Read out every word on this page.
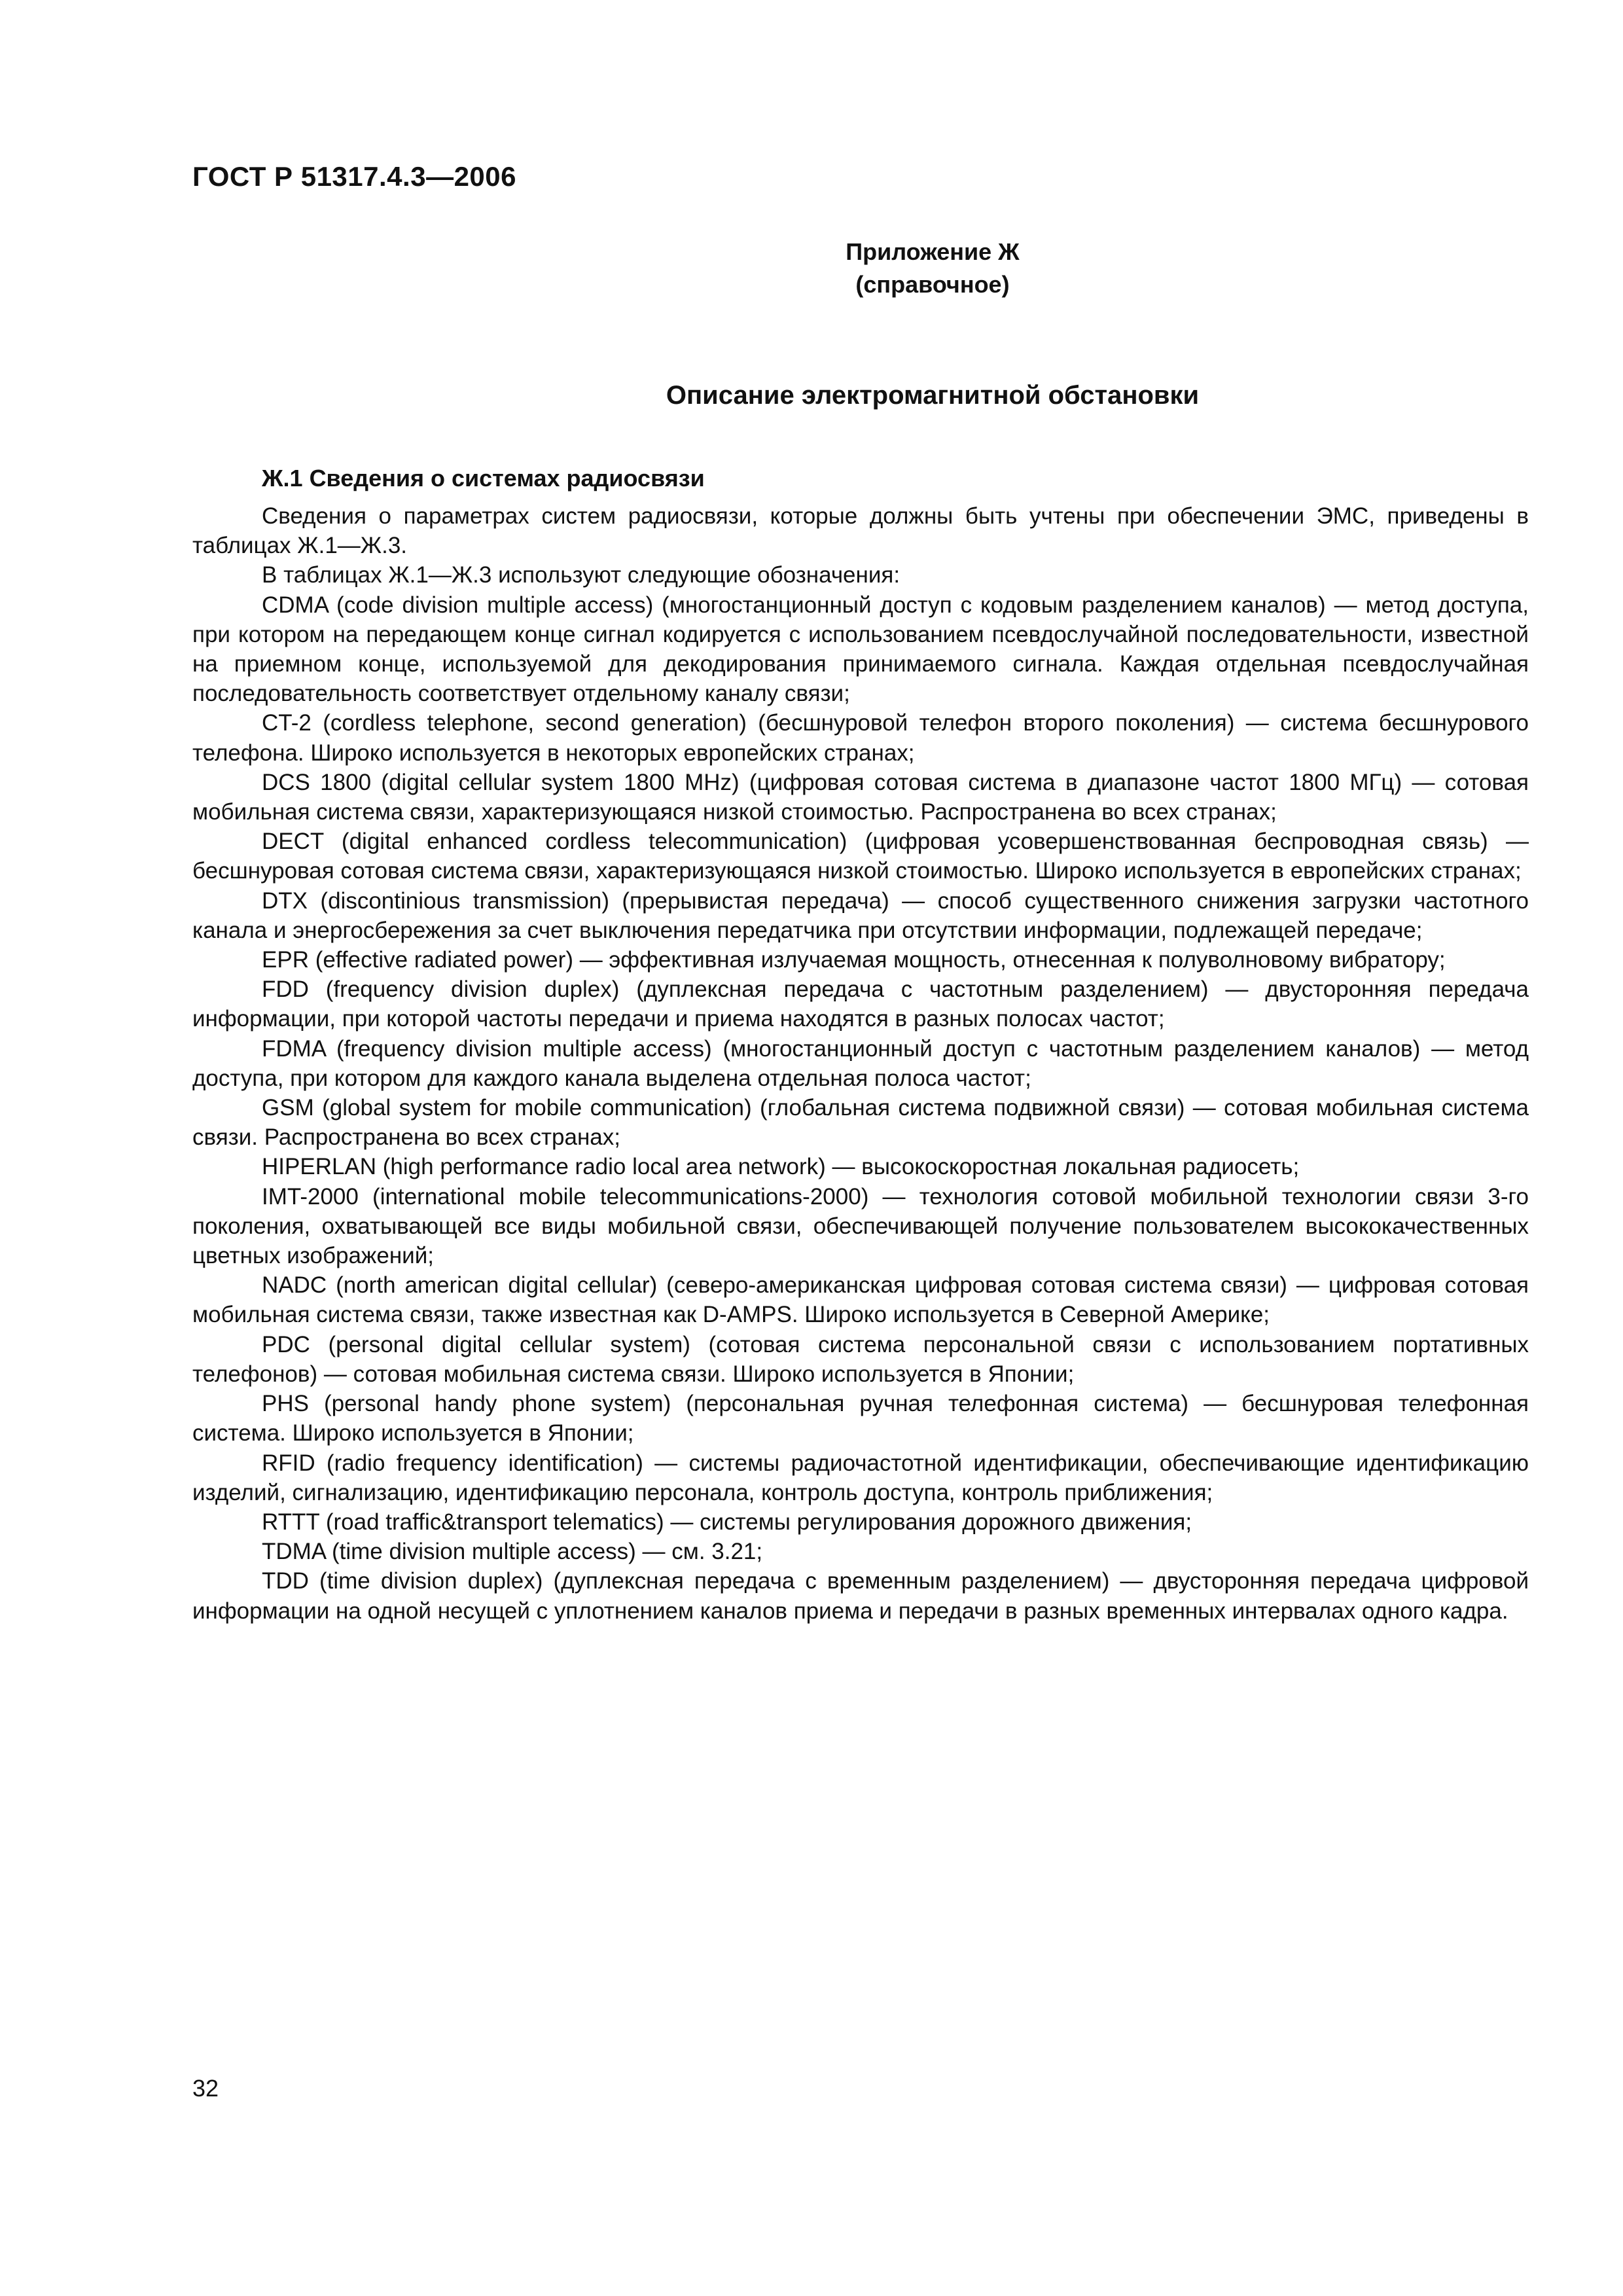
ГОСТ Р 51317.4.3—2006

Приложение Ж
(справочное)
Описание электромагнитной обстановки
Ж.1 Сведения о системах радиосвязи

Сведения о параметрах систем радиосвязи, которые должны быть учтены при обеспечении ЭМС, приведены в таблицах Ж.1—Ж.3.

В таблицах Ж.1—Ж.3 используют следующие обозначения:

CDMA (code division multiple access) (многостанционный доступ с кодовым разделением каналов) — метод доступа, при котором на передающем конце сигнал кодируется с использованием псевдослучайной последовательности, известной на приемном конце, используемой для декодирования принимаемого сигнала. Каждая отдельная псевдослучайная последовательность соответствует отдельному каналу связи;

CT-2 (cordless telephone, second generation) (бесшнуровой телефон второго поколения) — система бесшнурового телефона. Широко используется в некоторых европейских странах;

DCS 1800 (digital cellular system 1800 MHz) (цифровая сотовая система в диапазоне частот 1800 МГц) — сотовая мобильная система связи, характеризующаяся низкой стоимостью. Распространена во всех странах;

DECT (digital enhanced cordless telecommunication) (цифровая усовершенствованная беспроводная связь) — бесшнуровая сотовая система связи, характеризующаяся низкой стоимостью. Широко используется в европейских странах;

DTX (discontinious transmission) (прерывистая передача) — способ существенного снижения загрузки частотного канала и энергосбережения за счет выключения передатчика при отсутствии информации, подлежащей передаче;

EPR (effective radiated power) — эффективная излучаемая мощность, отнесенная к полуволновому вибратору;

FDD (frequency division duplex) (дуплексная передача с частотным разделением) — двусторонняя передача информации, при которой частоты передачи и приема находятся в разных полосах частот;

FDMA (frequency division multiple access) (многостанционный доступ с частотным разделением каналов) — метод доступа, при котором для каждого канала выделена отдельная полоса частот;

GSM (global system for mobile communication) (глобальная система подвижной связи) — сотовая мобильная система связи. Распространена во всех странах;

HIPERLAN (high performance radio local area network) — высокоскоростная локальная радиосеть;

IMT-2000 (international mobile telecommunications-2000) — технология сотовой мобильной технологии связи 3-го поколения, охватывающей все виды мобильной связи, обеспечивающей получение пользователем высококачественных цветных изображений;

NADC (north american digital cellular) (северо-американская цифровая сотовая система связи) — цифровая сотовая мобильная система связи, также известная как D-AMPS. Широко используется в Северной Америке;

PDC (personal digital cellular system) (сотовая система персональной связи с использованием портативных телефонов) — сотовая мобильная система связи. Широко используется в Японии;

PHS (personal handy phone system) (персональная ручная телефонная система) — бесшнуровая телефонная система. Широко используется в Японии;

RFID (radio frequency identification) — системы радиочастотной идентификации, обеспечивающие идентификацию изделий, сигнализацию, идентификацию персонала, контроль доступа, контроль приближения;

RTTT (road traffic&transport telematics) — системы регулирования дорожного движения;

TDMA (time division multiple access) — см. 3.21;

TDD (time division duplex) (дуплексная передача с временным разделением) — двусторонняя передача цифровой информации на одной несущей с уплотнением каналов приема и передачи в разных временных интервалах одного кадра.

32
